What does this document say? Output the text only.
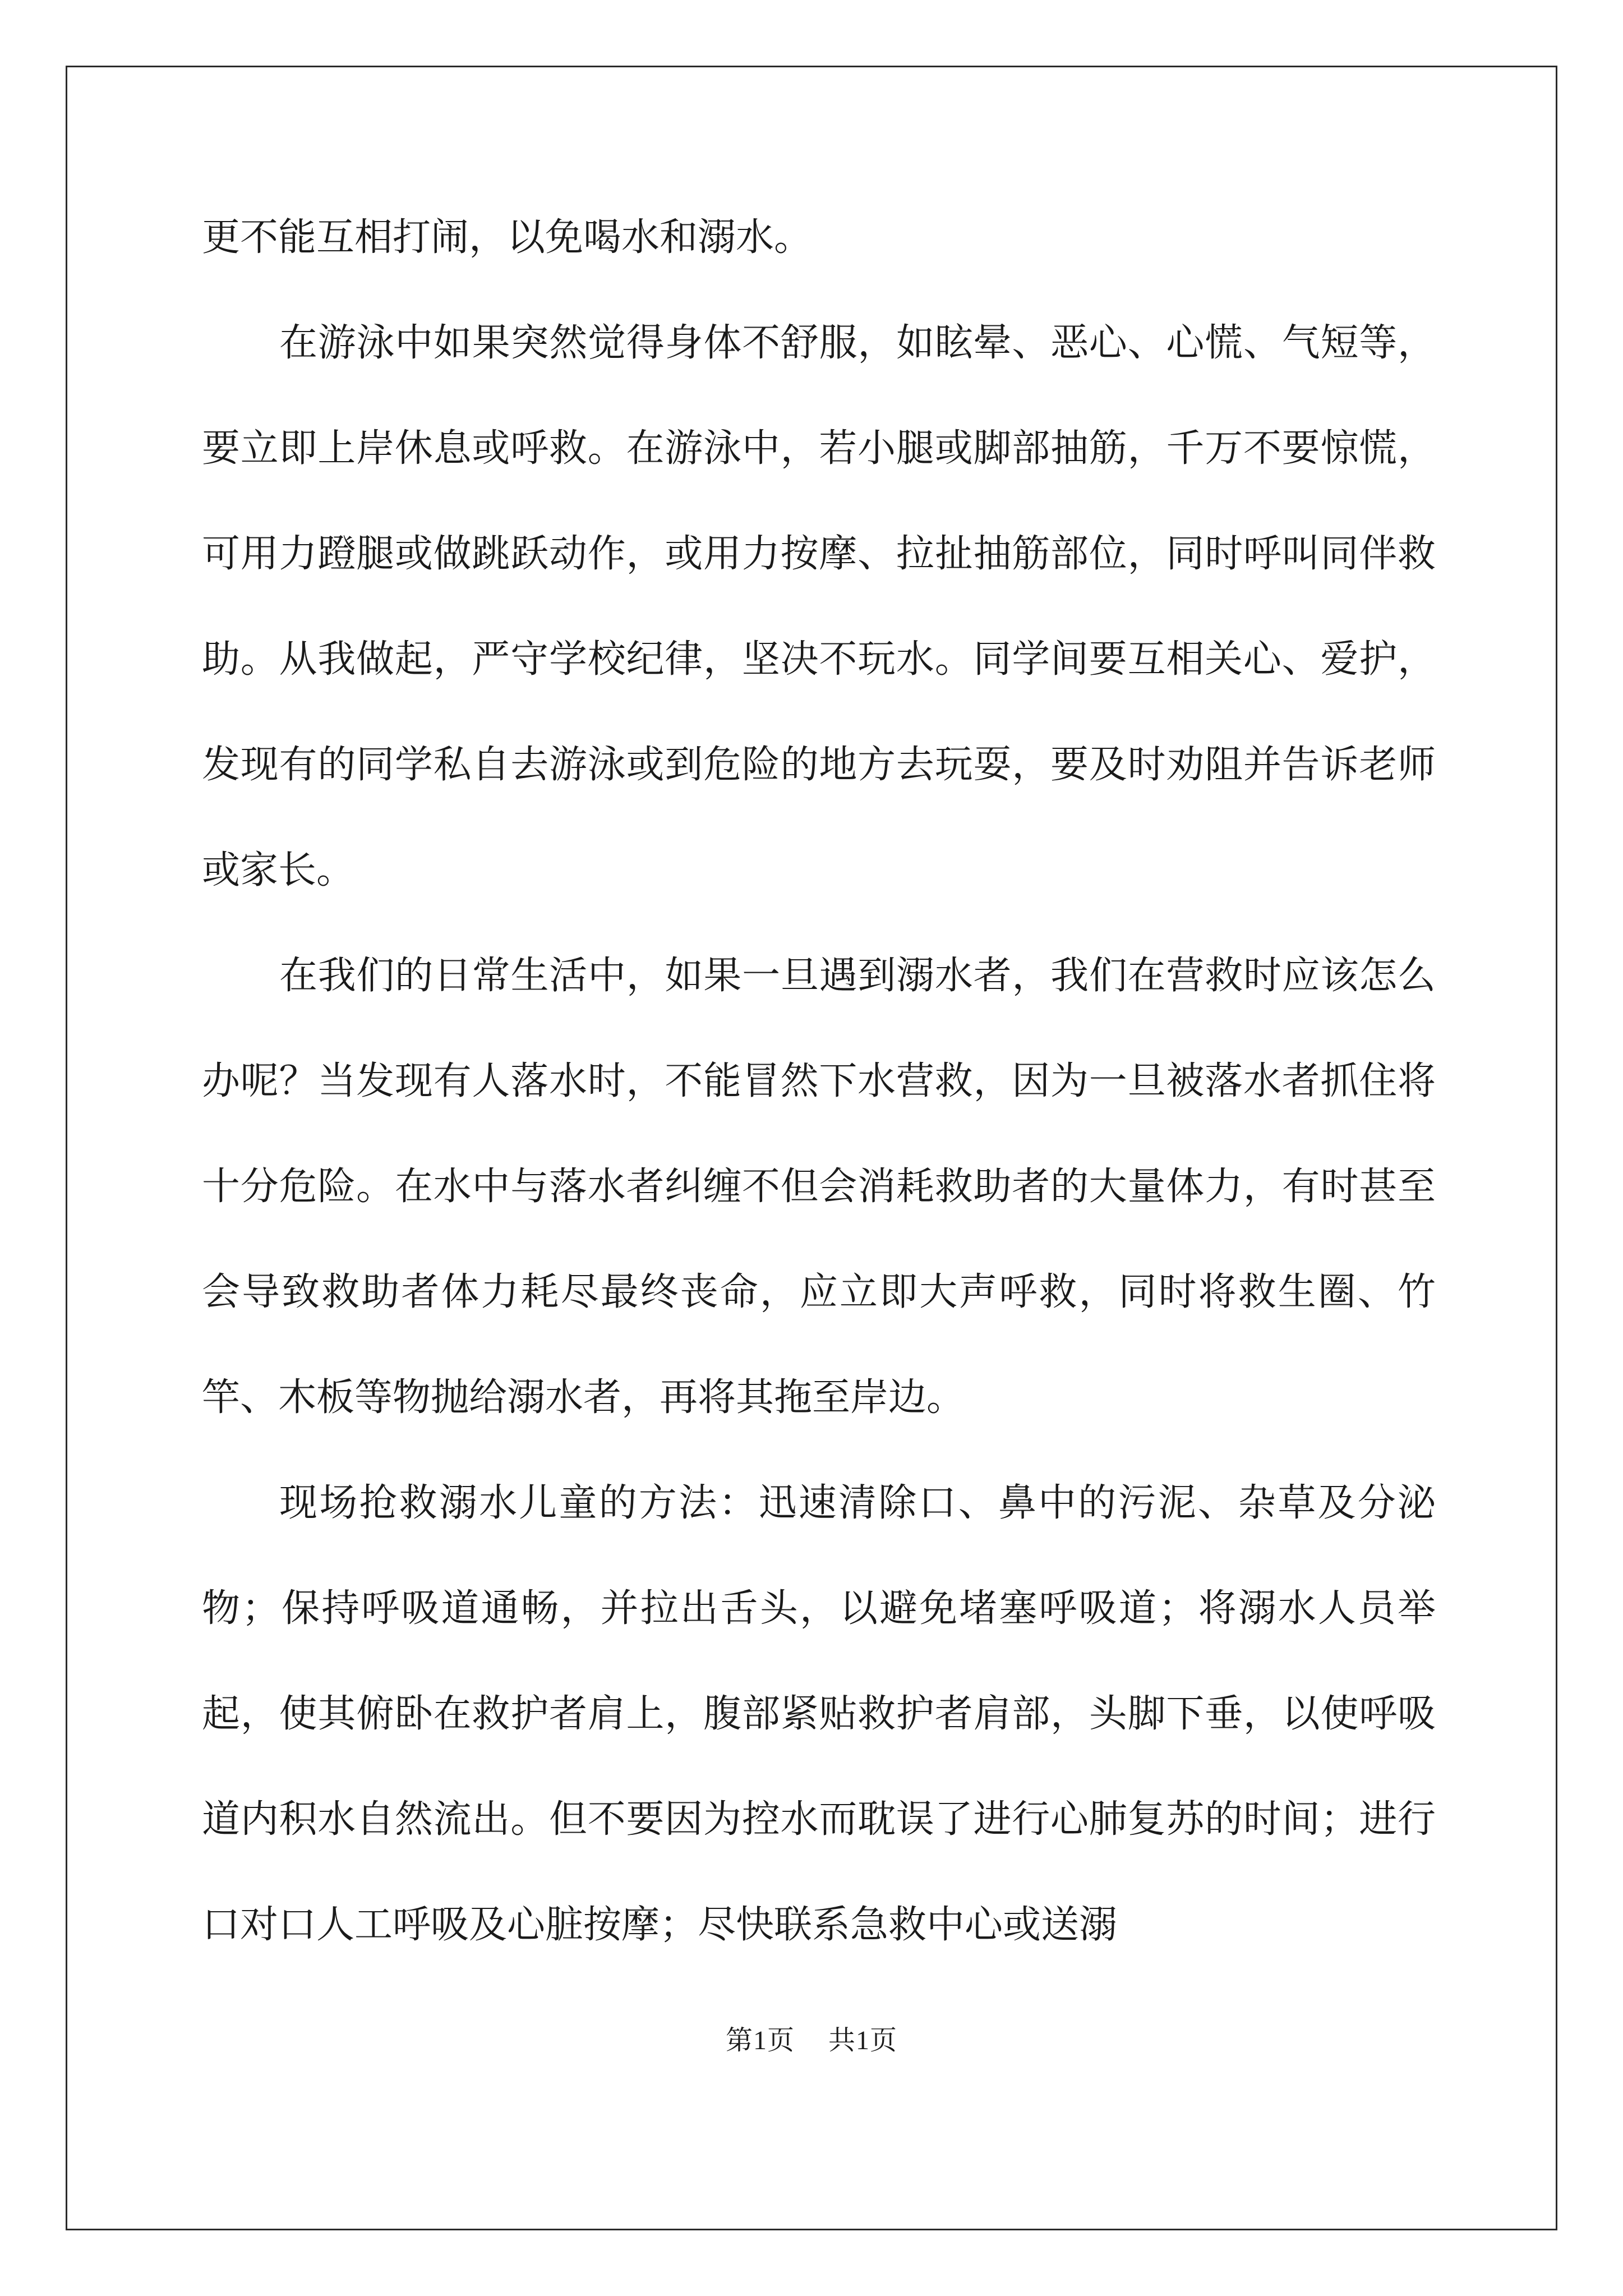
更不能互相打闹，以免喝水和溺水。

在游泳中如果突然觉得身体不舒服，如眩晕、恶心、心慌、气短等，要立即上岸休息或呼救。在游泳中，若小腿或脚部抽筋，千万不要惊慌，可用力蹬腿或做跳跃动作，或用力按摩、拉扯抽筋部位，同时呼叫同伴救助。从我做起，严守学校纪律，坚决不玩水。同学间要互相关心、爱护，发现有的同学私自去游泳或到危险的地方去玩耍，要及时劝阻并告诉老师或家长。

在我们的日常生活中，如果一旦遇到溺水者，我们在营救时应该怎么办呢？当发现有人落水时，不能冒然下水营救，因为一旦被落水者抓住将十分危险。在水中与落水者纠缠不但会消耗救助者的大量体力，有时甚至会导致救助者体力耗尽最终丧命，应立即大声呼救，同时将救生圈、竹竿、木板等物抛给溺水者，再将其拖至岸边。

现场抢救溺水儿童的方法：迅速清除口、鼻中的污泥、杂草及分泌物；保持呼吸道通畅，并拉出舌头，以避免堵塞呼吸道；将溺水人员举起，使其俯卧在救护者肩上，腹部紧贴救护者肩部，头脚下垂，以使呼吸道内积水自然流出。但不要因为控水而耽误了进行心肺复苏的时间；进行口对口人工呼吸及心脏按摩；尽快联系急救中心或送溺

第1页 共1页
